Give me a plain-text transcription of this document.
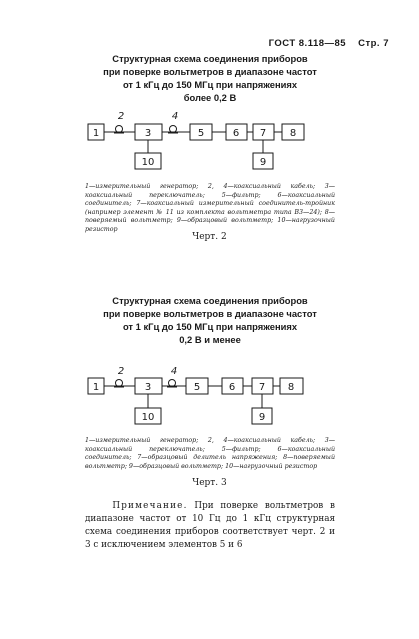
ГОСТ 8.118—85 Стр. 7
Структурная схема соединения приборов
при поверке вольтметров в диапазоне частот
от 1 кГц до 150 МГц при напряжениях
более 0,2 В
1	3	5	6 7 8
10	9
2	4
1—измерительный генератор; 2, 4—коаксиальный кабель; 3—коаксиальный переключатель; 5—фильтр; 6—коаксиальный соединитель; 7—коаксиальный измерительный соединитель-тройник (например элемент № 11 из комплекта вольтметра типа В3—24); 8—поверяемый вольтметр; 9—образцовый вольтметр; 10—нагрузочный резистор
Черт. 2
Структурная схема соединения приборов
при поверке вольтметров в диапазоне частот
от 1 кГц до 150 МГц при напряжениях
0,2 В и менее
1	3	5	6 7 8
10	9
2	4
1—измерительный генератор; 2, 4—коаксиальный кабель; 3—коаксиальный переключатель; 5—фильтр; 6—коаксиальный соединитель; 7—образцовый делитель напряжения; 8—поверяемый вольтметр; 9—образцовый вольтметр; 10—нагрузочный резистор
Черт. 3
Примечание. При поверке вольтметров в диапазоне частот от 10 Гц до 1 кГц структурная схема соединения приборов соответствует черт. 2 и 3 с исключением элементов 5 и 6
